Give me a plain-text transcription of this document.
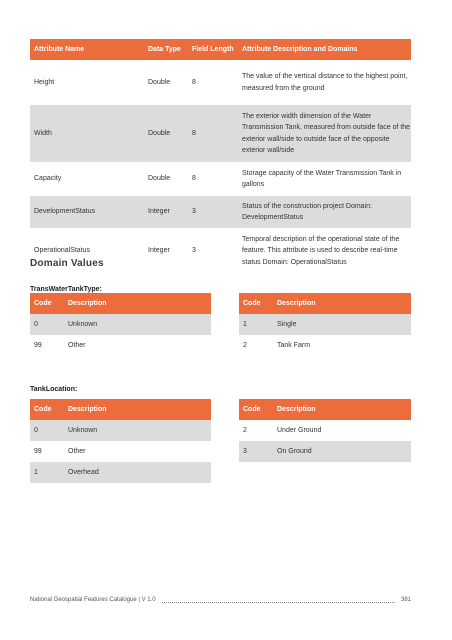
Attribute Name	Data Type	Field Length	Attribute Description and Domains
Height	Double	8	The value of the vertical distance to the highest point, measured from the ground
Width	Double	8	The exterior width dimension of the Water Transmission Tank, measured from outside face of the exterior wall/side to outside face of the opposite exterior wall/side
Capacity	Double	8	Storage capacity of the Water Transmission Tank in gallons
DevelopmentStatus	Integer	3	Status of the construction project Domain: DevelopmentStatus
OperationalStatus	Integer	3	Temporal description of the operational state of the feature. This attribute is used to describe real-time status Domain: OperationalStatus
Domain Values
TransWaterTankType:
Code	Description
0	Unknown
99	Other
Code	Description
1	Single
2	Tank Farm
TankLocation:
Code	Description
0	Unknown
99	Other
1	Overhead
Code	Description
2	Under Ground
3	On Ground
National Geospatial Features Catalogue | V 1.0	381
